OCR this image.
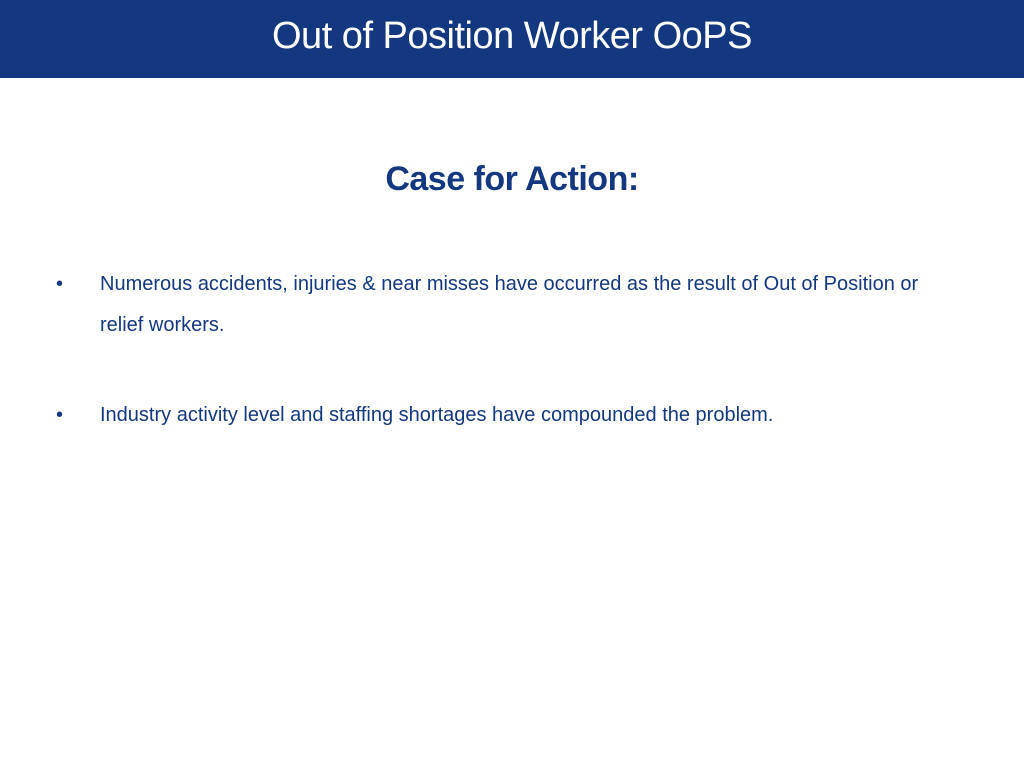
Out of Position Worker OoPS
Case for Action:
• Numerous accidents, injuries & near misses have occurred as the result of Out of Position or relief workers.
• Industry activity level and staffing shortages have compounded the problem.
